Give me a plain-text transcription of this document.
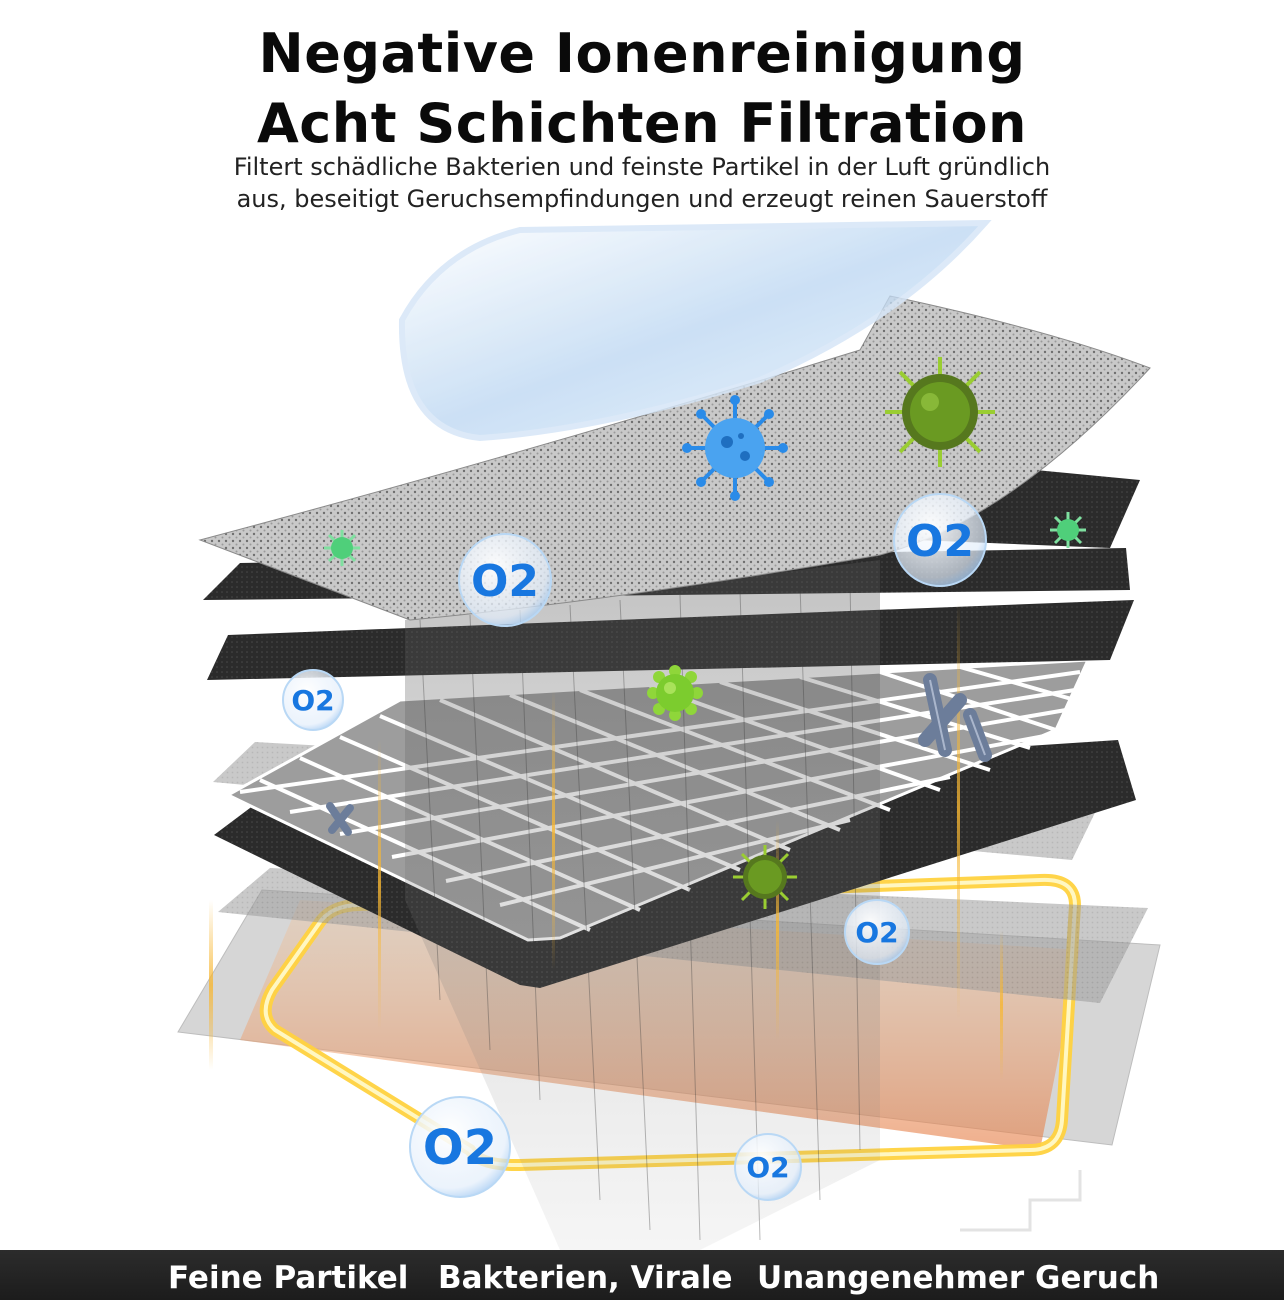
Negative Ionenreinigung
Acht Schichten Filtration
Filtert schädliche Bakterien und feinste Partikel in der Luft gründlich
aus, beseitigt Geruchsempfindungen und erzeugt reinen Sauerstoff
O2
O2
O2
O2
O2	O2
Feine Partikel Bakterien, Virale Unangenehmer Geruch
